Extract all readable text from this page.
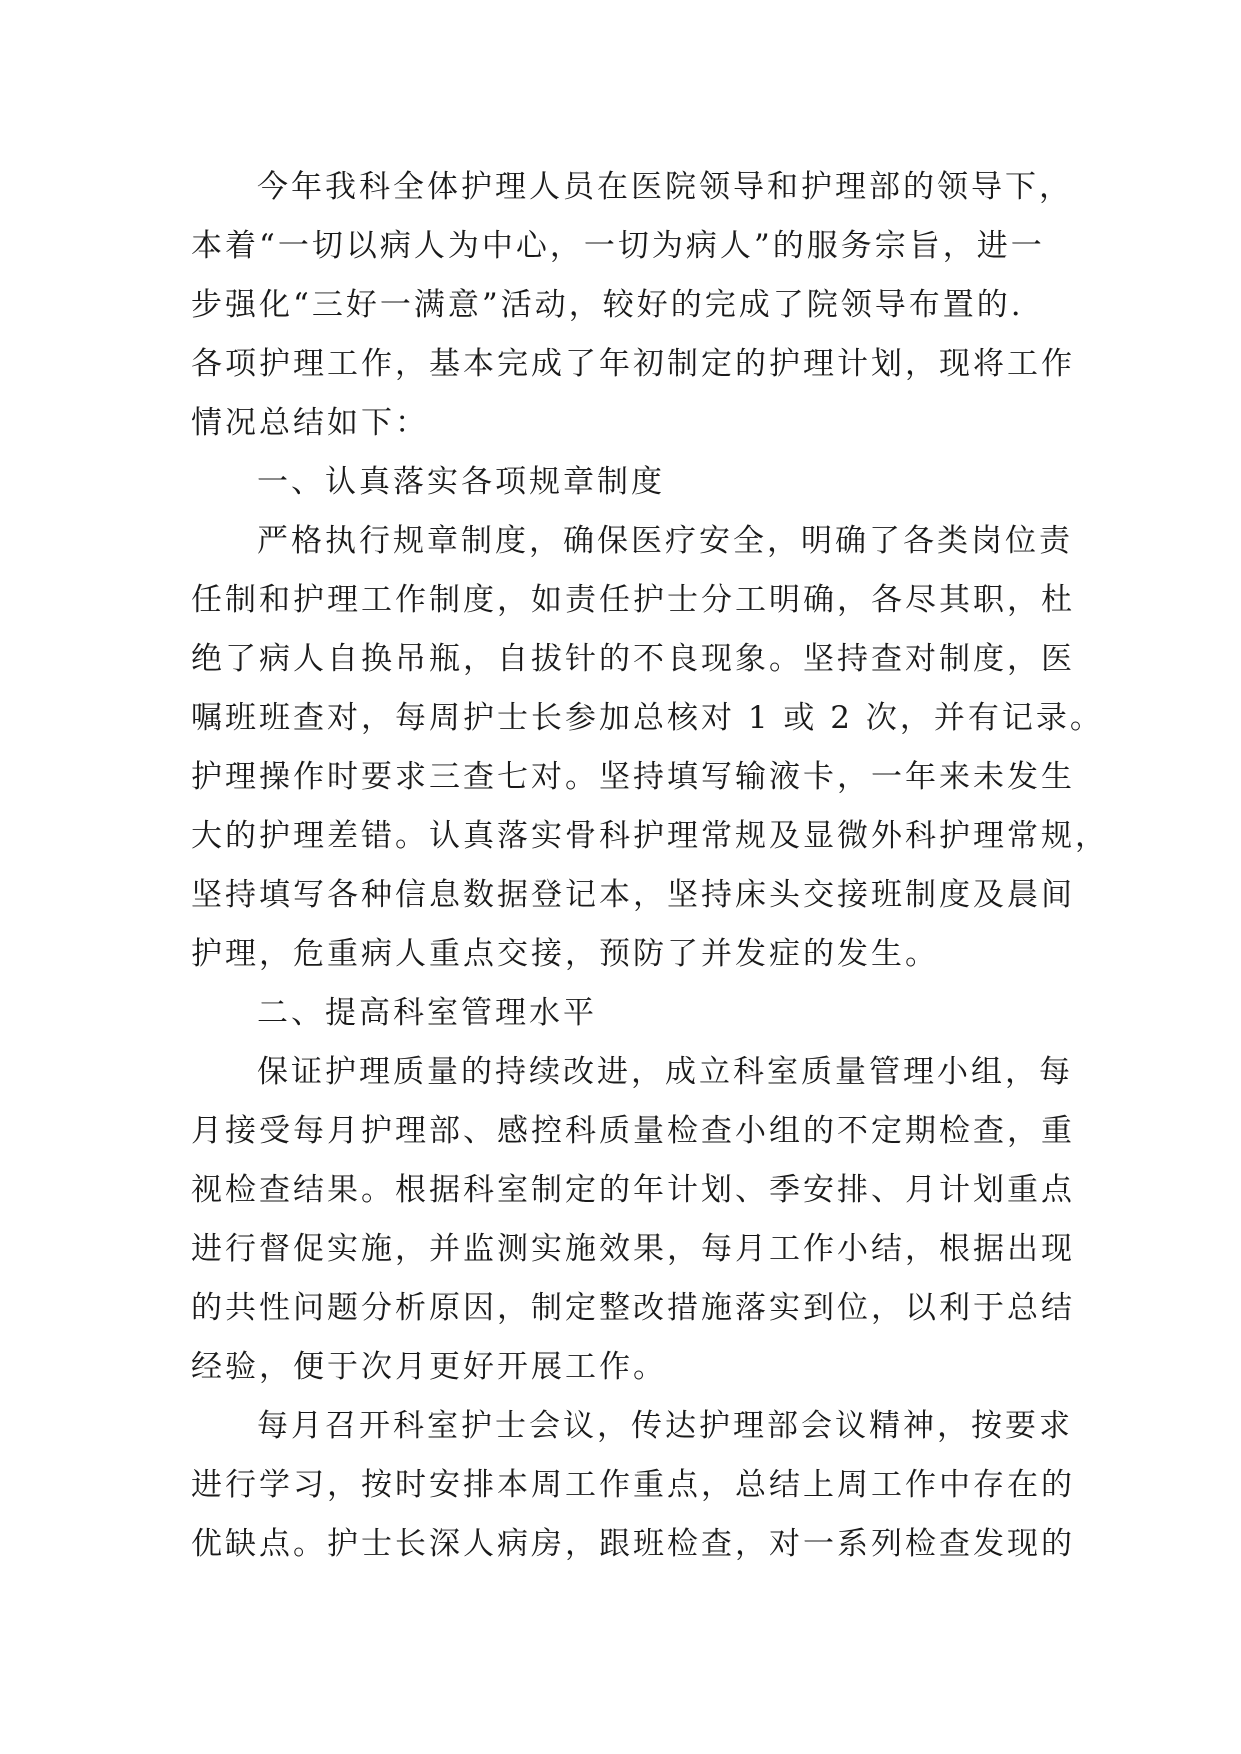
今年我科全体护理人员在医院领导和护理部的领导下，
本着“一切以病人为中心，一切为病人”的服务宗旨，进一
步强化“三好一满意”活动，较好的完成了院领导布置的.
各项护理工作，基本完成了年初制定的护理计划，现将工作
情况总结如下：
一、认真落实各项规章制度
严格执行规章制度，确保医疗安全，明确了各类岗位责
任制和护理工作制度，如责任护士分工明确，各尽其职，杜
绝了病人自换吊瓶，自拔针的不良现象。坚持查对制度，医
嘱班班查对，每周护士长参加总核对 1 或 2 次，并有记录。
护理操作时要求三查七对。坚持填写输液卡，一年来未发生
大的护理差错。认真落实骨科护理常规及显微外科护理常规，
坚持填写各种信息数据登记本，坚持床头交接班制度及晨间
护理，危重病人重点交接，预防了并发症的发生。
二、提高科室管理水平
保证护理质量的持续改进，成立科室质量管理小组，每
月接受每月护理部、感控科质量检查小组的不定期检查，重
视检查结果。根据科室制定的年计划、季安排、月计划重点
进行督促实施，并监测实施效果，每月工作小结，根据出现
的共性问题分析原因，制定整改措施落实到位，以利于总结
经验，便于次月更好开展工作。
每月召开科室护士会议，传达护理部会议精神，按要求
进行学习，按时安排本周工作重点，总结上周工作中存在的
优缺点。护士长深人病房，跟班检查，对一系列检查发现的
